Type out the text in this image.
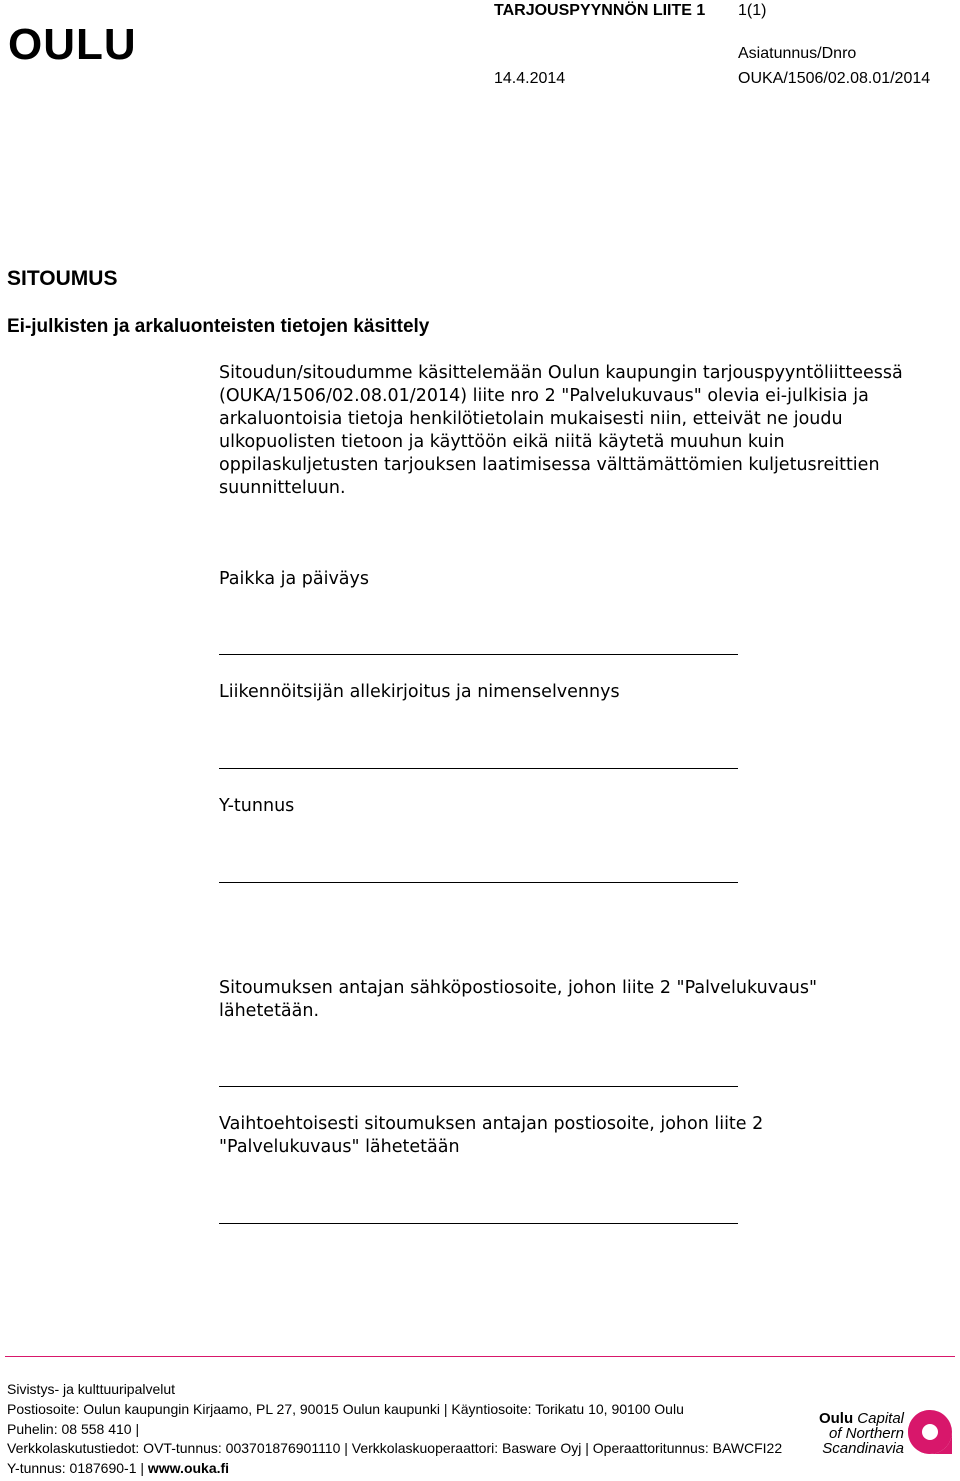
OULU
TARJOUSPYYNNÖN LIITE 1 1(1)
Asiatunnus/Dnro
14.4.2014	OUKA/1506/02.08.01/2014
SITOUMUS
Ei-julkisten ja arkaluonteisten tietojen käsittely

Sitoudun/sitoudumme käsittelemään Oulun kaupungin tarjouspyyntöliitteessä

(OUKA/1506/02.08.01/2014) liite nro 2 "Palvelukuvaus" olevia ei-julkisia ja

arkaluontoisia tietoja henkilötietolain mukaisesti niin, etteivät ne joudu

ulkopuolisten tietoon ja käyttöön eikä niitä käytetä muuhun kuin

oppilaskuljetusten tarjouksen laatimisessa välttämättömien kuljetusreittien

suunnitteluun.

Paikka ja päiväys

Liikennöitsijän allekirjoitus ja nimenselvennys

Y-tunnus

Sitoumuksen antajan sähköpostiosoite, johon liite 2 "Palvelukuvaus"

lähetetään.

Vaihtoehtoisesti sitoumuksen antajan postiosoite, johon liite 2

"Palvelukuvaus" lähetetään

Sivistys- ja kulttuuripalvelut
Postiosoite: Oulun kaupungin Kirjaamo, PL 27, 90015 Oulun kaupunki | Käyntiosoite: Torikatu 10, 90100 Oulu
Puhelin: 08 558 410 |
Verkkolaskutustiedot: OVT-tunnus: 003701876901110 | Verkkolaskuoperaattori: Basware Oyj | Operaattoritunnus: BAWCFI22
Y-tunnus: 0187690-1 | www.ouka.fi
Oulu Capital
of Northern
Scandinavia
